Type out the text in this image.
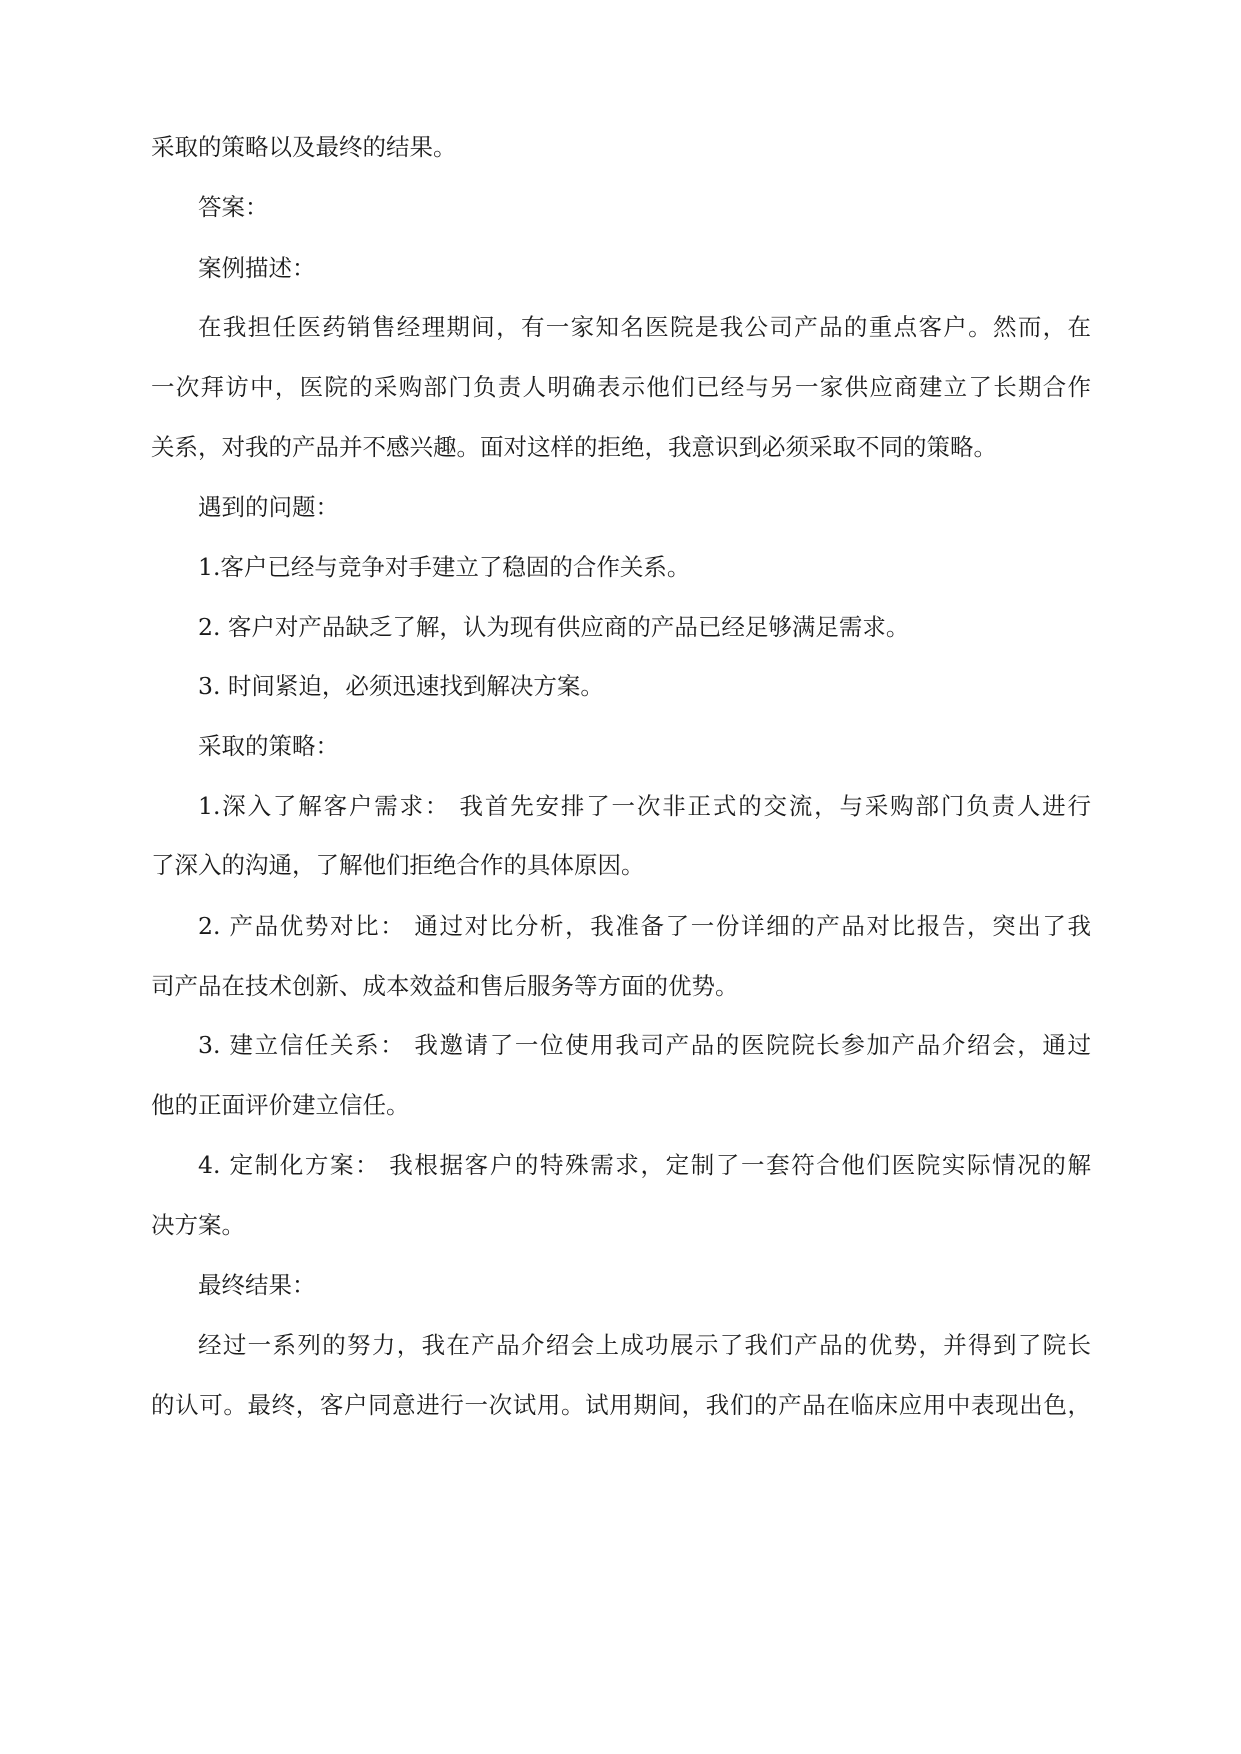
采取的策略以及最终的结果。
答案：
案例描述：
在我担任医药销售经理期间，有一家知名医院是我公司产品的重点客户。然而，在
一次拜访中，医院的采购部门负责人明确表示他们已经与另一家供应商建立了长期合作
关系，对我的产品并不感兴趣。面对这样的拒绝，我意识到必须采取不同的策略。
遇到的问题：
1.客户已经与竞争对手建立了稳固的合作关系。
2. 客户对产品缺乏了解，认为现有供应商的产品已经足够满足需求。
3. 时间紧迫，必须迅速找到解决方案。
采取的策略：
1.深入了解客户需求： 我首先安排了一次非正式的交流，与采购部门负责人进行
了深入的沟通，了解他们拒绝合作的具体原因。
2. 产品优势对比： 通过对比分析，我准备了一份详细的产品对比报告，突出了我
司产品在技术创新、成本效益和售后服务等方面的优势。
3. 建立信任关系： 我邀请了一位使用我司产品的医院院长参加产品介绍会，通过
他的正面评价建立信任。
4. 定制化方案： 我根据客户的特殊需求，定制了一套符合他们医院实际情况的解
决方案。
最终结果：
经过一系列的努力，我在产品介绍会上成功展示了我们产品的优势，并得到了院长
的认可。最终，客户同意进行一次试用。试用期间，我们的产品在临床应用中表现出色，
